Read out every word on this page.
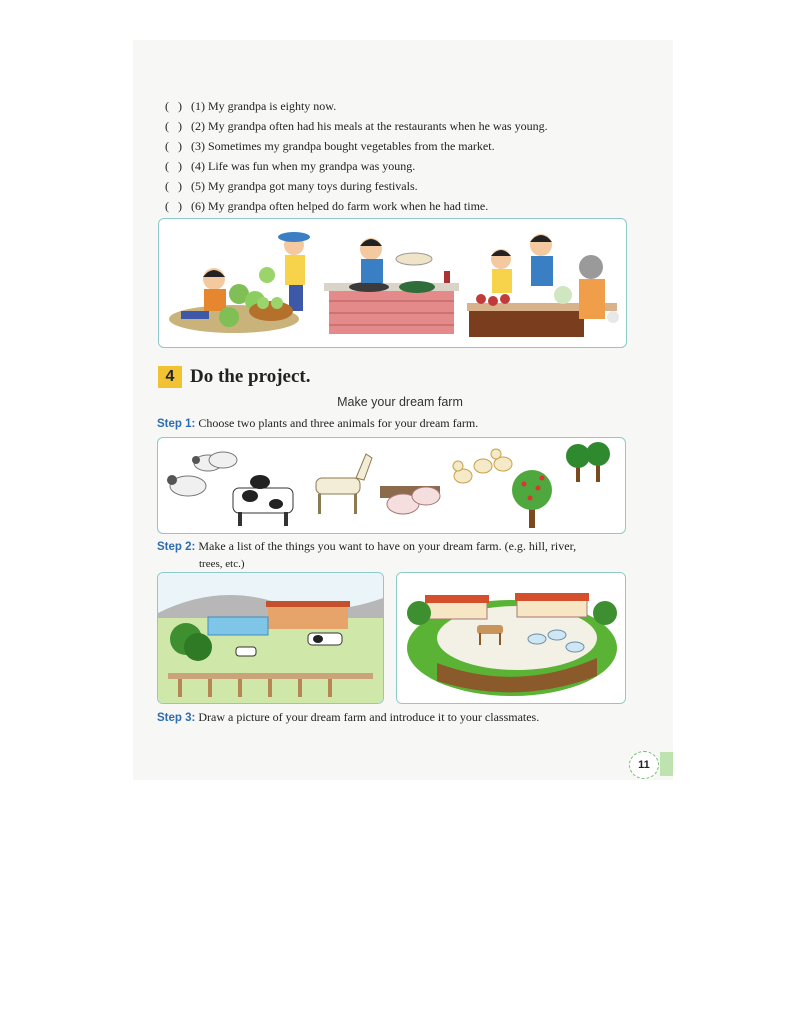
( ) (1) My grandpa is eighty now.
( ) (2) My grandpa often had his meals at the restaurants when he was young.
( ) (3) Sometimes my grandpa bought vegetables from the market.
( ) (4) Life was fun when my grandpa was young.
( ) (5) My grandpa got many toys during festivals.
( ) (6) My grandpa often helped do farm work when he had time.
4 Do the project.
Make your dream farm
Step 1: Choose two plants and three animals for your dream farm.
Step 2: Make a list of the things you want to have on your dream farm. (e.g. hill, river,
trees, etc.)
Step 3: Draw a picture of your dream farm and introduce it to your classmates.
11
